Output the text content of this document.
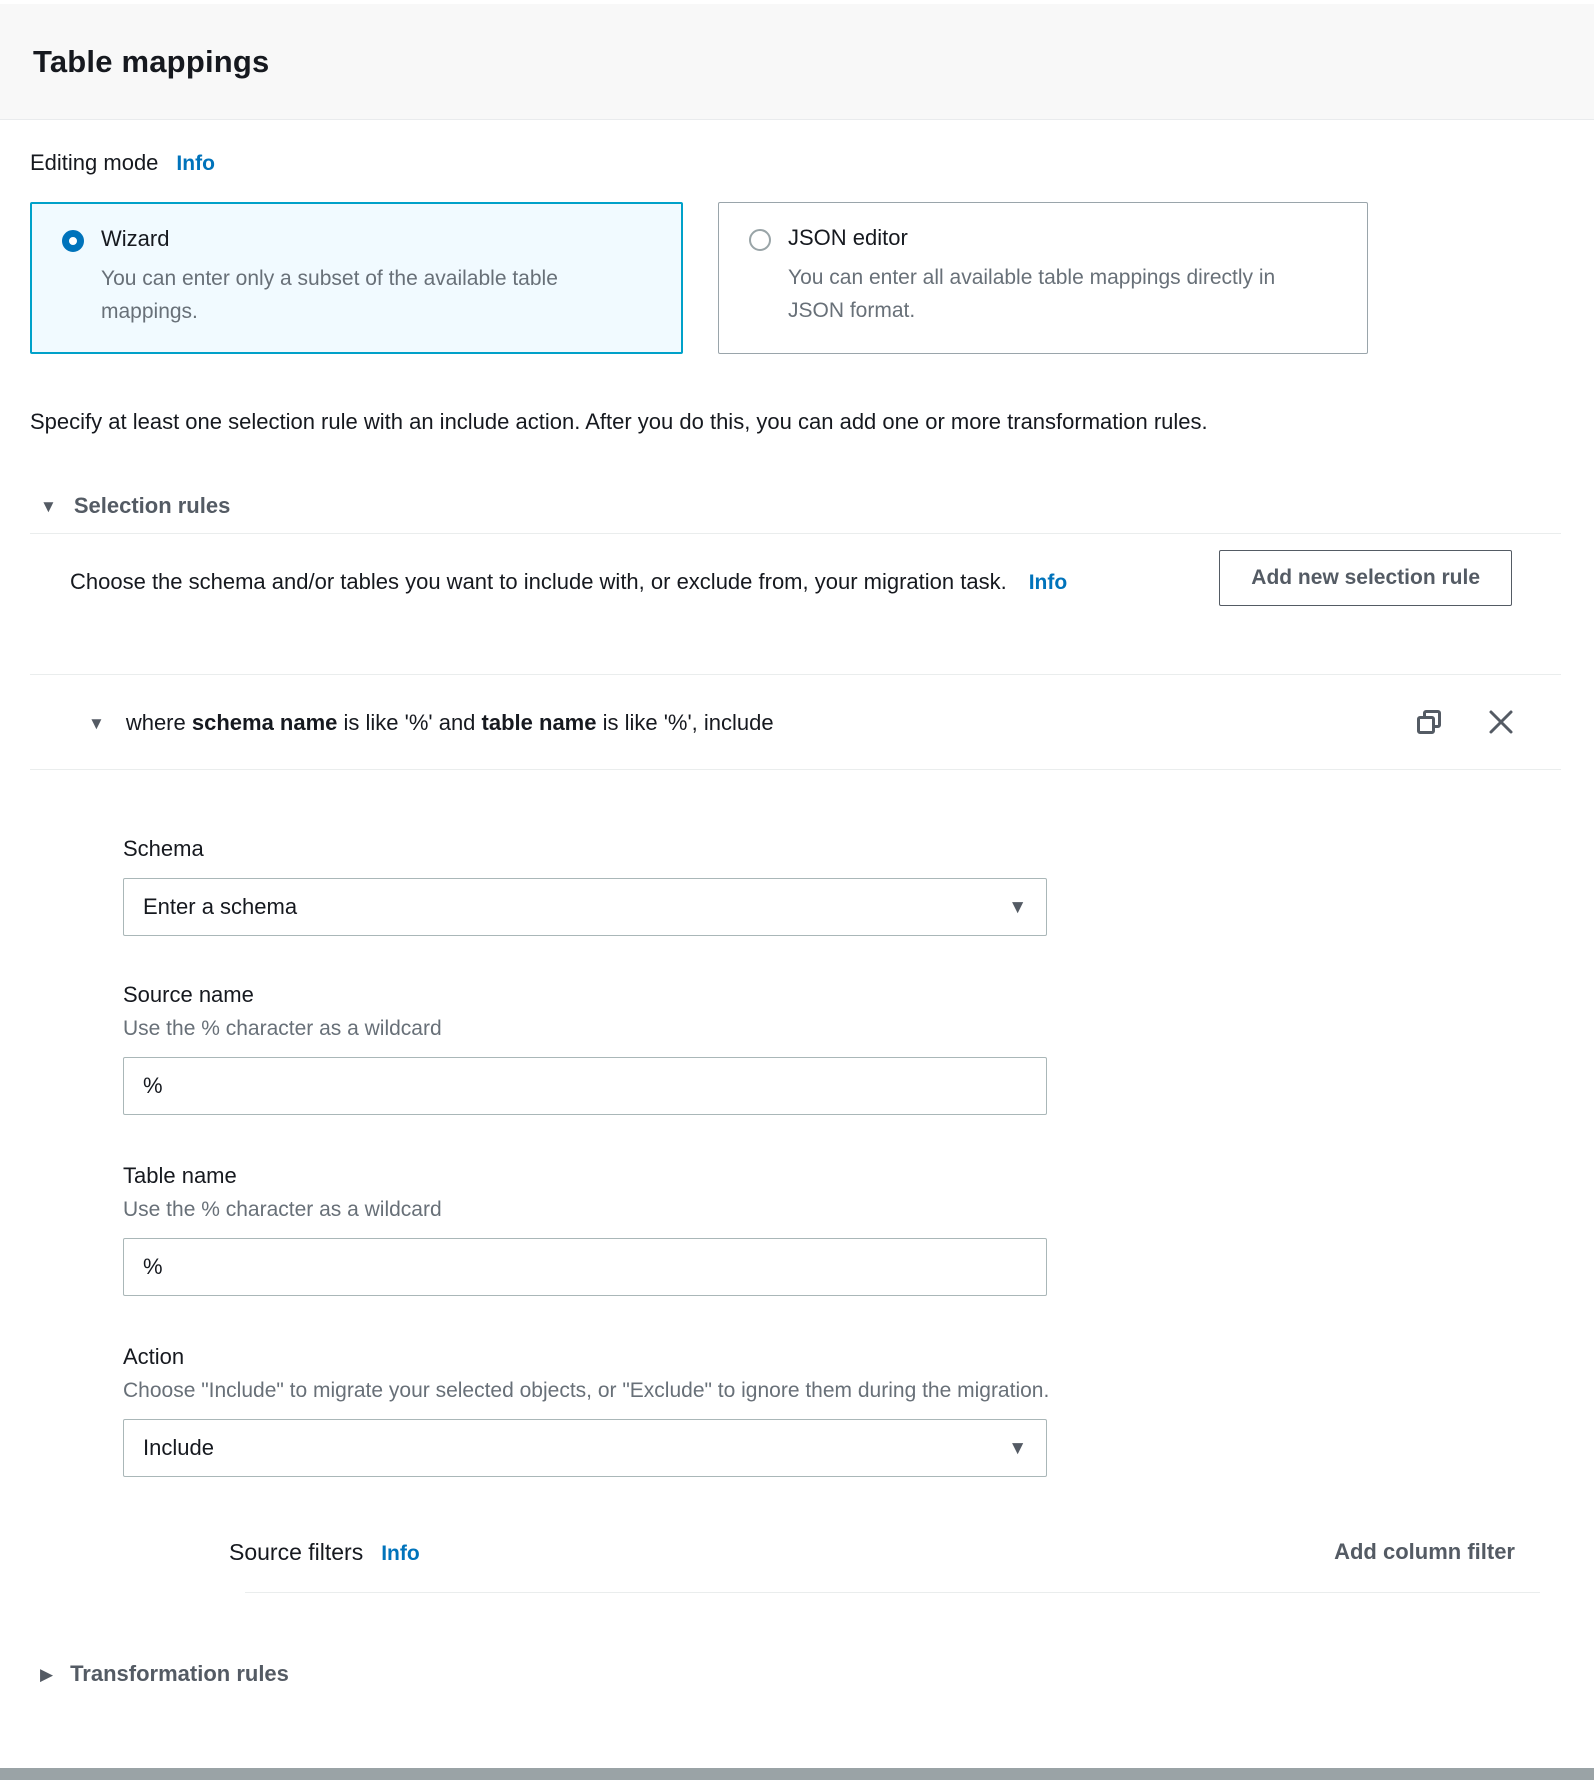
Table mappings
Editing mode Info
Wizard
You can enter only a subset of the available table mappings.
JSON editor
You can enter all available table mappings directly in JSON format.

Specify at least one selection rule with an include action. After you do this, you can add one or more transformation rules.

▼ Selection rules
Choose the schema and/or tables you want to include with, or exclude from, your migration task. Info	Add new selection rule
▼ where schema name is like '%' and table name is like '%', include
Schema
Enter a schema	▼
Source name
Use the % character as a wildcard
%
Table name
Use the % character as a wildcard
%
Action
Choose "Include" to migrate your selected objects, or "Exclude" to ignore them during the migration.
Include	▼
Source filters Info	Add column filter
▶ Transformation rules
